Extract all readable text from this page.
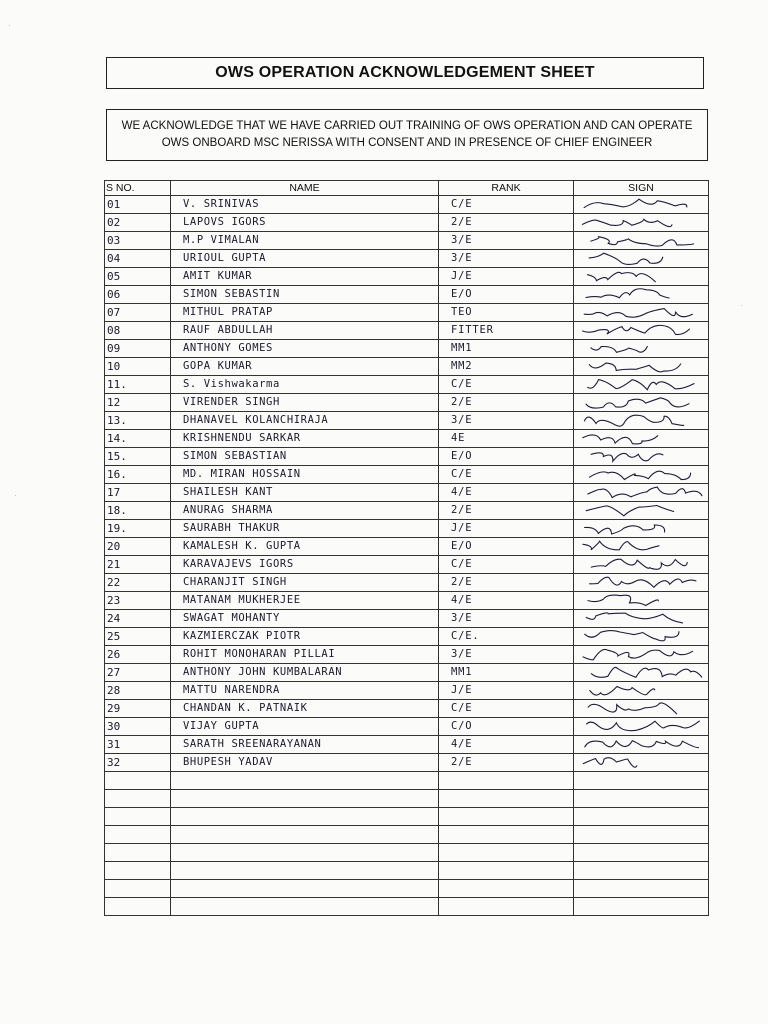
OWS OPERATION ACKNOWLEDGEMENT SHEET
WE ACKNOWLEDGE THAT WE HAVE CARRIED OUT TRAINING OF OWS OPERATION AND CAN OPERATE
OWS ONBOARD MSC NERISSA WITH CONSENT AND IN PRESENCE OF CHIEF ENGINEER
S NO.	NAME	RANK	SIGN

01	V. SRINIVAS	C/E

02	LAPOVS IGORS	2/E

03	M.P VIMALAN	3/E

04	URIOUL GUPTA	3/E

05	AMIT KUMAR	J/E

06	SIMON SEBASTIN	E/O

07	MITHUL PRATAP	TEO

08	RAUF ABDULLAH	FITTER

09	ANTHONY GOMES	MM1

10	GOPA KUMAR	MM2

11.	S. Vishwakarma	C/E

12	VIRENDER SINGH	2/E

13.	DHANAVEL KOLANCHIRAJA	3/E

14.	KRISHNENDU SARKAR	4E

15.	SIMON SEBASTIAN	E/O

16.	MD. MIRAN HOSSAIN	C/E

17	SHAILESH KANT	4/E

18.	ANURAG SHARMA	2/E

19.	SAURABH THAKUR	J/E

20	KAMALESH K. GUPTA	E/O

21	KARAVAJEVS IGORS	C/E

22	CHARANJIT SINGH	2/E

23	MATANAM MUKHERJEE	4/E

24	SWAGAT MOHANTY	3/E

25	KAZMIERCZAK PIOTR	C/E.

26	ROHIT MONOHARAN PILLAI	3/E

27	ANTHONY JOHN KUMBALARAN	MM1

28	MATTU NARENDRA	J/E

29	CHANDAN K. PATNAIK	C/E

30	VIJAY GUPTA	C/O

31	SARATH SREENARAYANAN	4/E

32	BHUPESH YADAV	2/E

·
·
·
